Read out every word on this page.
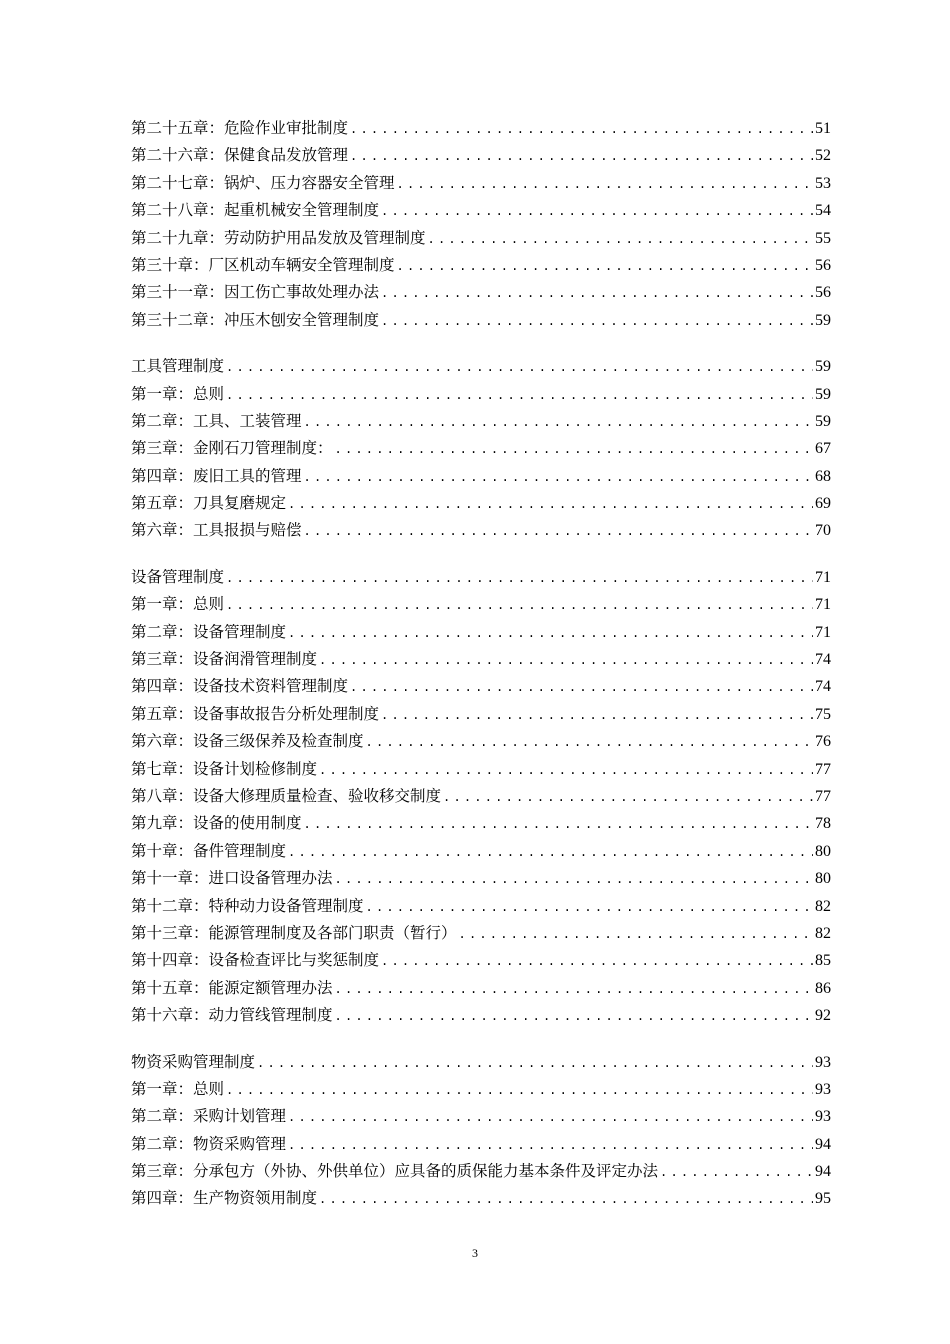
第二十五章：危险作业审批制度 .....	51
第二十六章：保健食品发放管理 .....	52
第二十七章：锅炉、压力容器安全管理 .....	53
第二十八章：起重机械安全管理制度 .....	54
第二十九章：劳动防护用品发放及管理制度 .....	55
第三十章：厂区机动车辆安全管理制度 .....	56
第三十一章：因工伤亡事故处理办法 .....	56
第三十二章：冲压木刨安全管理制度 .....	59
工具管理制度 .....	59
第一章：总则 .....	59
第二章：工具、工装管理 .....	59
第三章：金刚石刀管理制度： .....	67
第四章：废旧工具的管理 .....	68
第五章：刀具复磨规定 .....	69
第六章：工具报损与赔偿 .....	70
设备管理制度 .....	71
第一章：总则 .....	71
第二章：设备管理制度 .....	71
第三章：设备润滑管理制度 .....	74
第四章：设备技术资料管理制度 .....	74
第五章：设备事故报告分析处理制度 .....	75
第六章：设备三级保养及检查制度 .....	76
第七章：设备计划检修制度 .....	77
第八章：设备大修理质量检查、验收移交制度 .....	77
第九章：设备的使用制度 .....	78
第十章：备件管理制度 .....	80
第十一章：进口设备管理办法 .....	80
第十二章：特种动力设备管理制度 .....	82
第十三章：能源管理制度及各部门职责（暂行） .....	82
第十四章：设备检查评比与奖惩制度 .....	85
第十五章：能源定额管理办法 .....	86
第十六章：动力管线管理制度 .....	92
物资采购管理制度 .....	93
第一章：总则 .....	93
第二章：采购计划管理 .....	93
第二章：物资采购管理 .....	94
第三章：分承包方（外协、外供单位）应具备的质保能力基本条件及评定办法 .....	94
第四章：生产物资领用制度 .....	95
3
